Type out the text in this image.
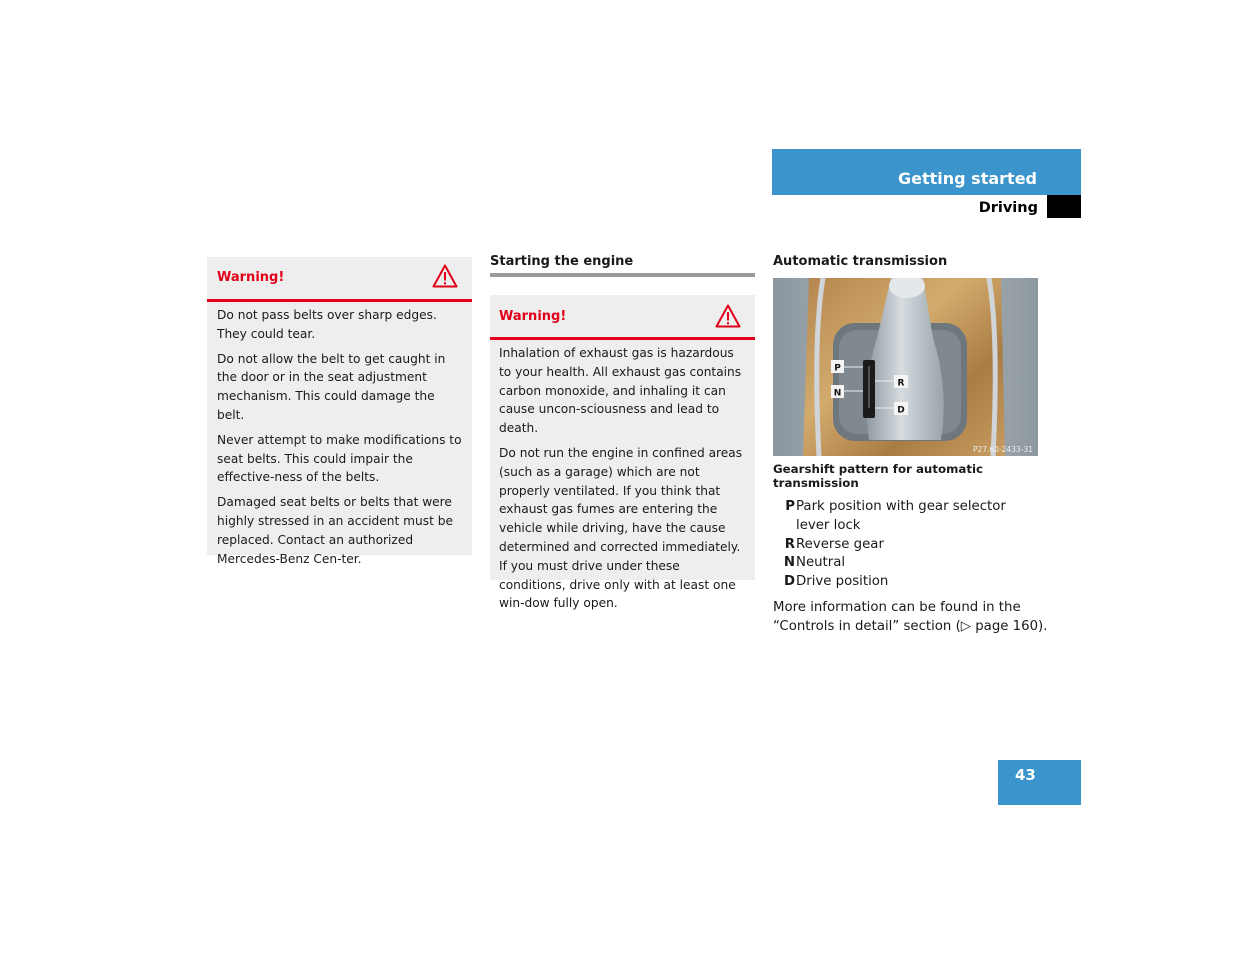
Getting started
Driving
Warning!

Do not pass belts over sharp edges. They could tear.

Do not allow the belt to get caught in the door or in the seat adjustment mechanism. This could damage the belt.

Never attempt to make modifications to seat belts. This could impair the effective-ness of the belts.

Damaged seat belts or belts that were highly stressed in an accident must be replaced. Contact an authorized Mercedes-Benz Cen-ter.

Starting the engine
Warning!

Inhalation of exhaust gas is hazardous to your health. All exhaust gas contains carbon monoxide, and inhaling it can cause uncon-sciousness and lead to death.

Do not run the engine in confined areas (such as a garage) which are not properly ventilated. If you think that exhaust gas fumes are entering the vehicle while driving, have the cause determined and corrected immediately. If you must drive under these conditions, drive only with at least one win-dow fully open.

Automatic transmission
P
N
R
D
P27.60-2433-31
Gearshift pattern for automatic transmission
P Park position with gear selector lever lock
R Reverse gear
N Neutral
D Drive position
More information can be found in the “Controls in detail” section (▷ page 160).
43
